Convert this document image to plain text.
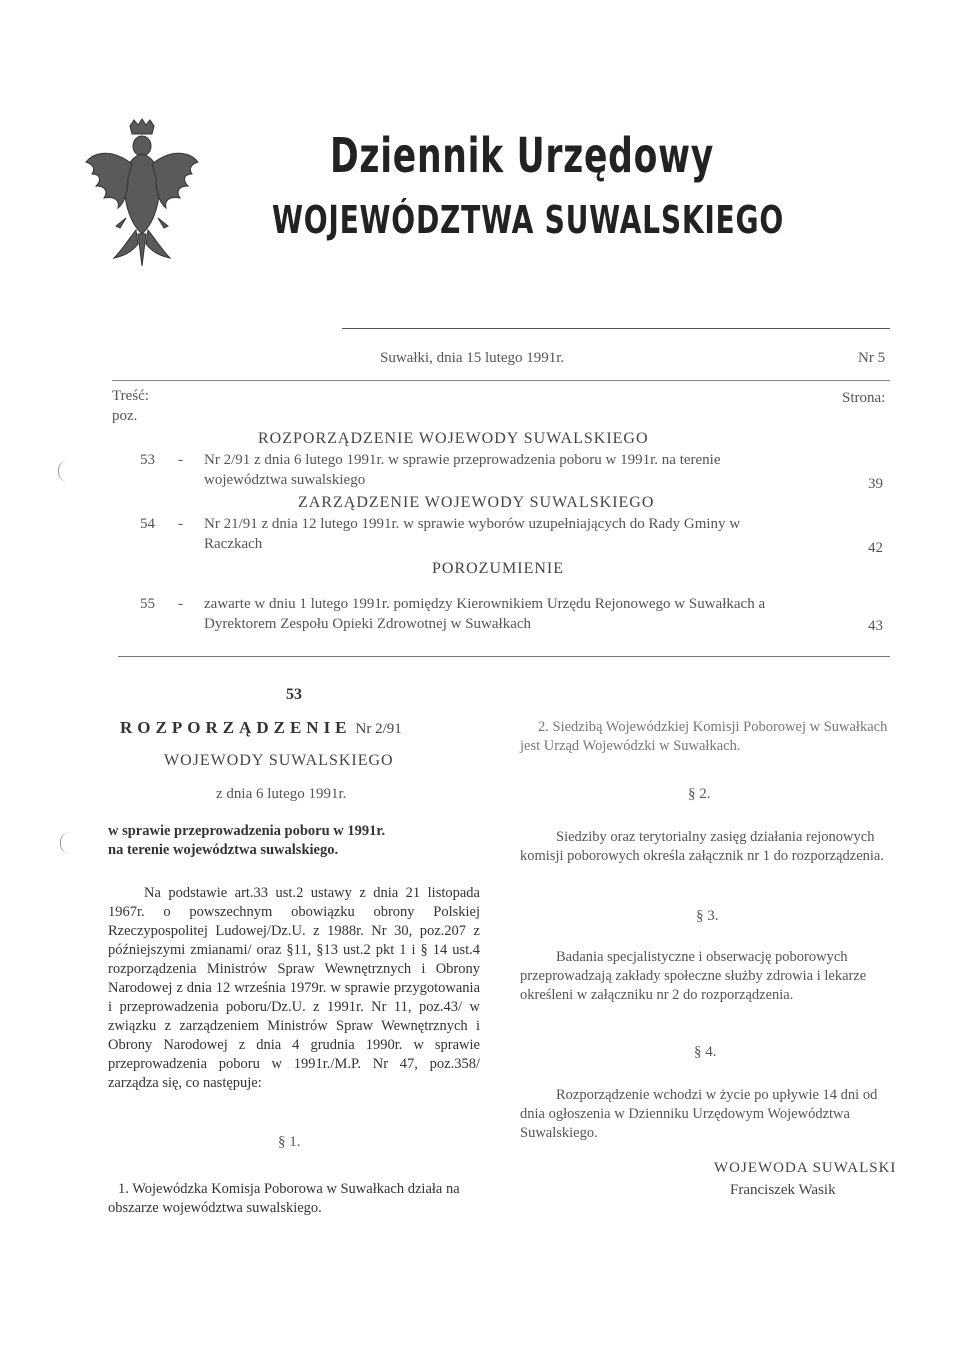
Dziennik Urzędowy
WOJEWÓDZTWA SUWALSKIEGO
Suwałki, dnia 15 lutego 1991r.	Nr 5
Treść:
poz.
Strona:
ROZPORZĄDZENIE WOJEWODY SUWALSKIEGO
53 - Nr 2/91 z dnia 6 lutego 1991r. w sprawie przeprowadzenia poboru w 1991r. na terenie
województwa suwalskiego	39
ZARZĄDZENIE WOJEWODY SUWALSKIEGO
54 - Nr 21/91 z dnia 12 lutego 1991r. w sprawie wyborów uzupełniających do Rady Gminy w
Raczkach	42
POROZUMIENIE
55 - zawarte w dniu 1 lutego 1991r. pomiędzy Kierownikiem Urzędu Rejonowego w Suwałkach a
Dyrektorem Zespołu Opieki Zdrowotnej w Suwałkach	43
53
ROZPORZĄDZENIE Nr 2/91
WOJEWODY SUWALSKIEGO
z dnia 6 lutego 1991r.
w sprawie przeprowadzenia poboru w 1991r.
na terenie województwa suwalskiego.
Na podstawie art.33 ust.2 ustawy z dnia 21 listopada 1967r. o powszechnym obowiązku obrony Polskiej Rzeczypospolitej Ludowej/Dz.U. z 1988r. Nr 30, poz.207 z późniejszymi zmianami/ oraz §11, §13 ust.2 pkt 1 i § 14 ust.4 rozporządzenia Ministrów Spraw Wewnętrznych i Obrony Narodowej z dnia 12 września 1979r. w sprawie przygotowania i przeprowadzenia poboru/Dz.U. z 1991r. Nr 11, poz.43/ w związku z zarządzeniem Ministrów Spraw Wewnętrznych i Obrony Narodowej z dnia 4 grudnia 1990r. w sprawie przeprowadzenia poboru w 1991r./M.P. Nr 47, poz.358/ zarządza się, co następuje:
§ 1.
1. Wojewódzka Komisja Poborowa w Suwałkach działa na obszarze województwa suwalskiego.
2. Siedzibą Wojewódzkiej Komisji Poborowej w Suwałkach jest Urząd Wojewódzki w Suwałkach.
§ 2.
Siedziby oraz terytorialny zasięg działania rejonowych komisji poborowych określa załącznik nr 1 do rozporządzenia.
§ 3.
Badania specjalistyczne i obserwację poborowych przeprowadzają zakłady społeczne służby zdrowia i lekarze określeni w załączniku nr 2 do rozporządzenia.
§ 4.
Rozporządzenie wchodzi w życie po upływie 14 dni od dnia ogłoszenia w Dzienniku Urzędowym Województwa Suwalskiego.
WOJEWODA SUWALSKI
Franciszek Wasik
